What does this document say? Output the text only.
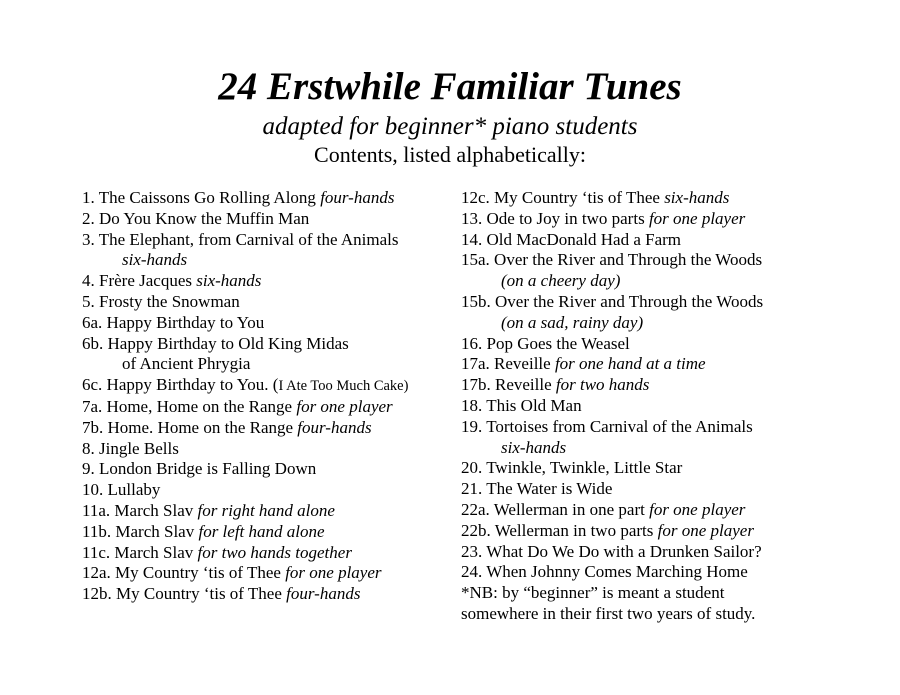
24 Erstwhile Familiar Tunes
adapted for beginner* piano students
Contents, listed alphabetically:
1. The Caissons Go Rolling Along four-hands
2. Do You Know the Muffin Man
3. The Elephant, from Carnival of the Animals
six-hands
4. Frère Jacques six-hands
5. Frosty the Snowman
6a. Happy Birthday to You
6b. Happy Birthday to Old King Midas
of Ancient Phrygia
6c. Happy Birthday to You. (I Ate Too Much Cake)
7a. Home, Home on the Range for one player
7b. Home. Home on the Range four-hands
8. Jingle Bells
9. London Bridge is Falling Down
10. Lullaby
11a. March Slav for right hand alone
11b. March Slav for left hand alone
11c. March Slav for two hands together
12a. My Country ‘tis of Thee for one player
12b. My Country ‘tis of Thee four-hands
12c. My Country ‘tis of Thee six-hands
13. Ode to Joy in two parts for one player
14. Old MacDonald Had a Farm
15a. Over the River and Through the Woods
(on a cheery day)
15b. Over the River and Through the Woods
(on a sad, rainy day)
16. Pop Goes the Weasel
17a. Reveille for one hand at a time
17b. Reveille for two hands
18. This Old Man
19. Tortoises from Carnival of the Animals
six-hands
20. Twinkle, Twinkle, Little Star
21. The Water is Wide
22a. Wellerman in one part for one player
22b. Wellerman in two parts for one player
23. What Do We Do with a Drunken Sailor?
24. When Johnny Comes Marching Home
*NB: by “beginner” is meant a student
somewhere in their first two years of study.
